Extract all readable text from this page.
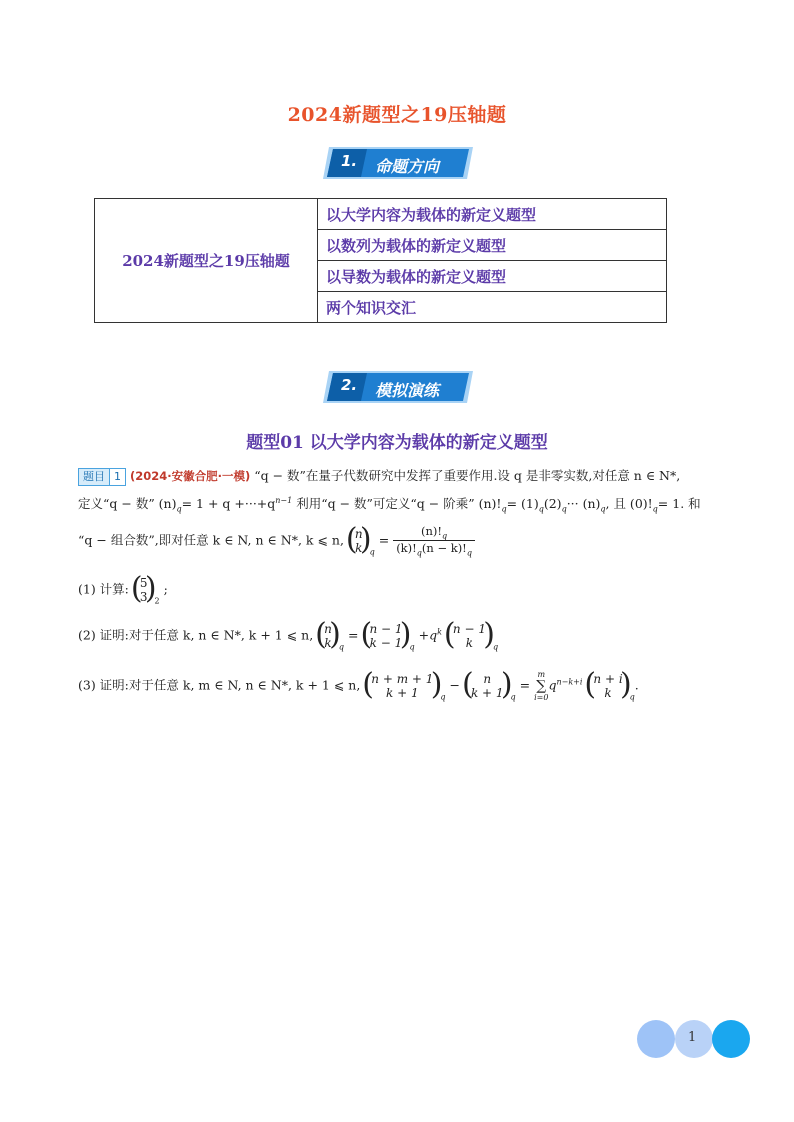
2024新题型之19压轴题
1. 命题方向
2024新题型之19压轴题	以大学内容为载体的新定义题型
以数列为载体的新定义题型
以导数为载体的新定义题型
两个知识交汇
2. 模拟演练
题型01 以大学内容为载体的新定义题型
题目 1 (2024·安徽合肥·一模) “q − 数”在量子代数研究中发挥了重要作用.设 q 是非零实数,对任意 n ∈ N*,
定义“q − 数” $(n)_q= 1 + q +\cdot\cdot\cdot+q^{n-1}$ 利用“q − 数”可定义“q − 阶乘” $(n)!_q= (1)_q(2)_q\cdot\cdot\cdot (n)_q$, 且 $(0)!_q= 1$. 和
“q − 组合数”,即对任意 k ∈ N, n ∈ N*, k ⩽ n, ( n
k
) $_q = \frac{(n)!_q}{(k)!_q(n - k)!_q}$
(1) 计算: ( 5
3
) $_2$ ;
(2) 证明:对于任意 k, n ∈ N*, k + 1 ⩽ n, ( n
k
) $_q$ = ( n − 1
k − 1
) $_q +q^k$ ( n − 1
k
)	$_q$
(3) 证明:对于任意 k, m ∈ N, n ∈ N*, k + 1 ⩽ n, ( n + m + 1
k + 1
)	$_q$ −	( n
k + 1
) $_q$ =
m
∑
i=0
$q^{n-k+i}$ ( n + i
k
)	$_q$.
1
